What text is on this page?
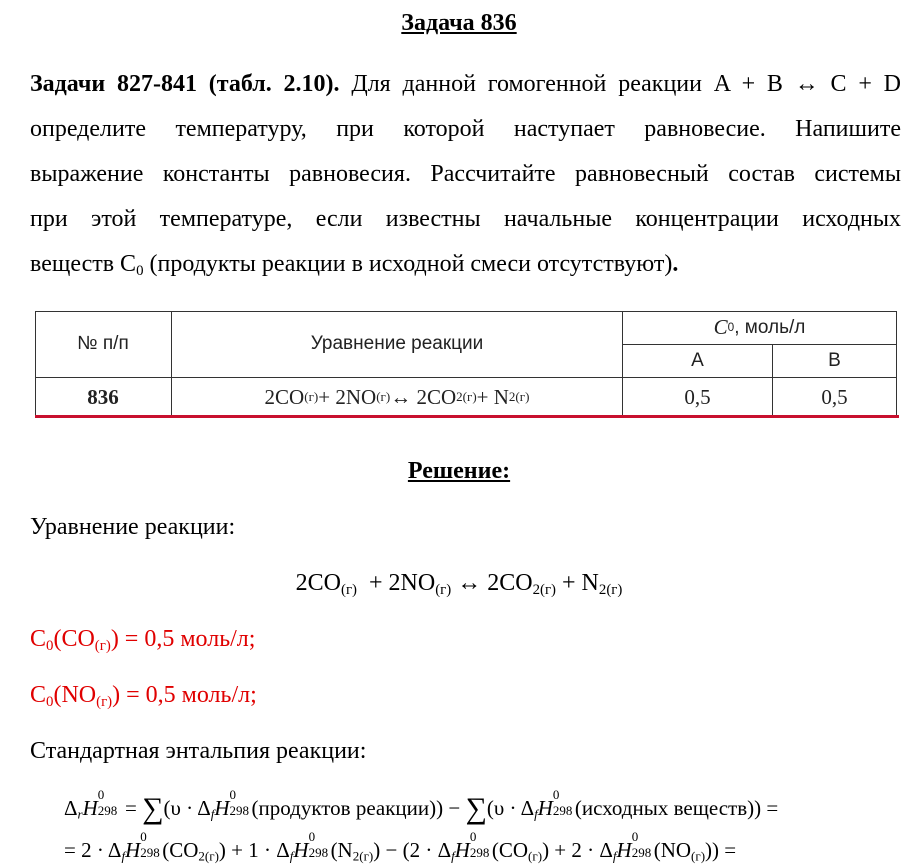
Задача 836
Задачи 827-841 (табл. 2.10). Для данной гомогенной реакции A + B ↔ C + D
определите температуру, при которой наступает равновесие. Напишите
выражение константы равновесия. Рассчитайте равновесный состав системы
при этой температуре, если известны начальные концентрации исходных
веществ $C_0$ (продукты реакции в исходной смеси отсутствуют).
№ п/п	Уравнение реакции
C 0 , моль/л
A	B
836	2CO (г) + 2NO (г) ↔ 2CO 2(г) + N 2(г)	0,5	0,5
Решение:
Уравнение реакции:
$2CO_{(г)} + 2NO_{(г)}$ ↔ $2CO_{2(г)} + N_{2(г)}$
$C_0(CO_{(г)}) = 0,5$ моль/л;
$C_0(NO_{(г)}) = 0,5$ моль/л;
Стандартная энтальпия реакции:
$\Delta_rH$
0
$298 = \sum(\upsilon \cdot \Delta_fH$
0
298 (продуктов реакции)) − $\sum(\upsilon \cdot \Delta_fH$
0
298 (исходных веществ)) =
= $2 \cdot \Delta_fH$
0
298 $(CO_{2(г)}) + 1 \cdot \Delta_fH$
0
298 $(N_{2(г)}) - (2 \cdot \Delta_fH$
0
298 $(CO_{(г)}) + 2 \cdot \Delta_fH$
0
298 $(NO_{(г)})$) =
